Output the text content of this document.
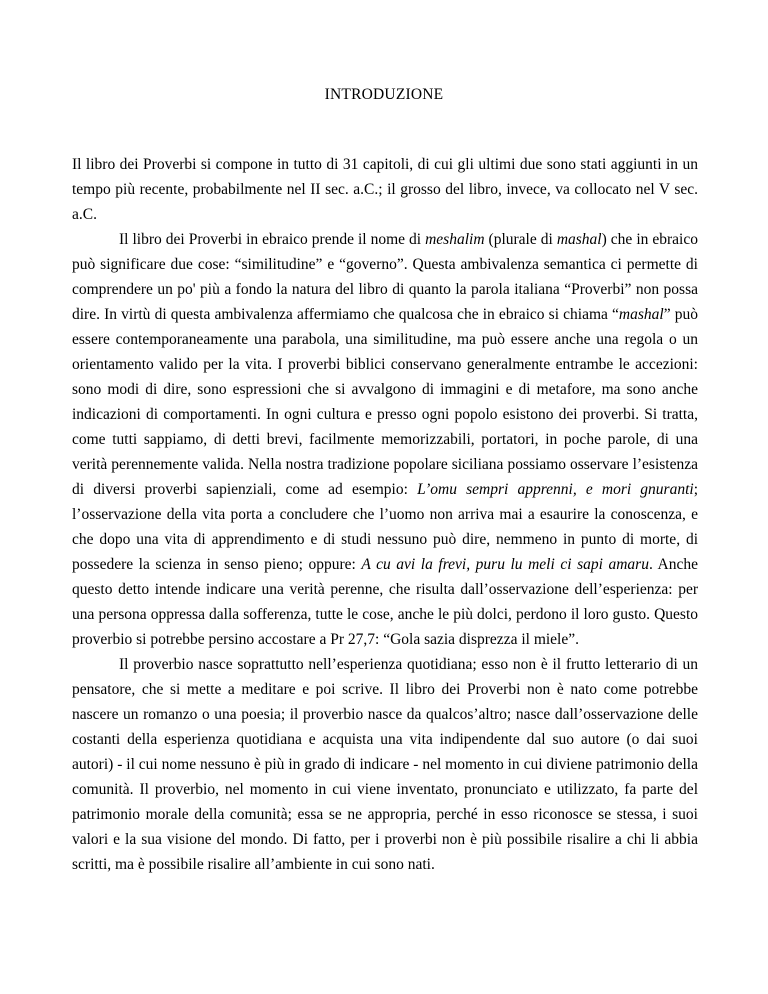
INTRODUZIONE

Il libro dei Proverbi si compone in tutto di 31 capitoli, di cui gli ultimi due sono stati aggiunti in un tempo più recente, probabilmente nel II sec. a.C.; il grosso del libro, invece, va collocato nel V sec. a.C.

Il libro dei Proverbi in ebraico prende il nome di meshalim (plurale di mashal) che in ebraico può significare due cose: “similitudine” e “governo”. Questa ambivalenza semantica ci permette di comprendere un po' più a fondo la natura del libro di quanto la parola italiana “Proverbi” non possa dire. In virtù di questa ambivalenza affermiamo che qualcosa che in ebraico si chiama “mashal” può essere contemporaneamente una parabola, una similitudine, ma può essere anche una regola o un orientamento valido per la vita. I proverbi biblici conservano generalmente entrambe le accezioni: sono modi di dire, sono espressioni che si avvalgono di immagini e di metafore, ma sono anche indicazioni di comportamenti. In ogni cultura e presso ogni popolo esistono dei proverbi. Si tratta, come tutti sappiamo, di detti brevi, facilmente memorizzabili, portatori, in poche parole, di una verità perennemente valida. Nella nostra tradizione popolare siciliana possiamo osservare l’esistenza di diversi proverbi sapienziali, come ad esempio: L’omu sempri apprenni, e mori gnuranti; l’osservazione della vita porta a concludere che l’uomo non arriva mai a esaurire la conoscenza, e che dopo una vita di apprendimento e di studi nessuno può dire, nemmeno in punto di morte, di possedere la scienza in senso pieno; oppure: A cu avi la frevi, puru lu meli ci sapi amaru. Anche questo detto intende indicare una verità perenne, che risulta dall’osservazione dell’esperienza: per una persona oppressa dalla sofferenza, tutte le cose, anche le più dolci, perdono il loro gusto. Questo proverbio si potrebbe persino accostare a Pr 27,7: “Gola sazia disprezza il miele”.

Il proverbio nasce soprattutto nell’esperienza quotidiana; esso non è il frutto letterario di un pensatore, che si mette a meditare e poi scrive. Il libro dei Proverbi non è nato come potrebbe nascere un romanzo o una poesia; il proverbio nasce da qualcos’altro; nasce dall’osservazione delle costanti della esperienza quotidiana e acquista una vita indipendente dal suo autore (o dai suoi autori) - il cui nome nessuno è più in grado di indicare - nel momento in cui diviene patrimonio della comunità. Il proverbio, nel momento in cui viene inventato, pronunciato e utilizzato, fa parte del patrimonio morale della comunità; essa se ne appropria, perché in esso riconosce se stessa, i suoi valori e la sua visione del mondo. Di fatto, per i proverbi non è più possibile risalire a chi li abbia scritti, ma è possibile risalire all’ambiente in cui sono nati.
